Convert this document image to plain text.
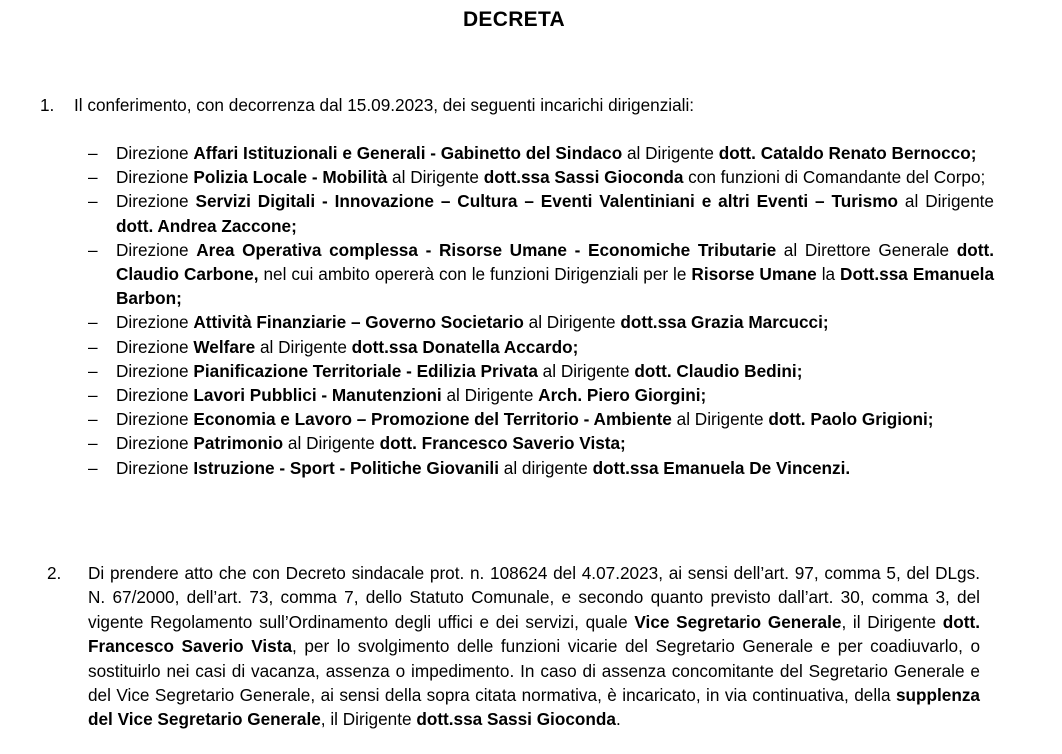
DECRETA
1. Il conferimento, con decorrenza dal 15.09.2023, dei seguenti incarichi dirigenziali:
– Direzione Affari Istituzionali e Generali - Gabinetto del Sindaco al Dirigente dott. Cataldo Renato Bernocco;
– Direzione Polizia Locale - Mobilità al Dirigente dott.ssa Sassi Gioconda con funzioni di Comandante del Corpo;
– Direzione Servizi Digitali - Innovazione – Cultura – Eventi Valentiniani e altri Eventi – Turismo al Dirigente dott. Andrea Zaccone;
– Direzione Area Operativa complessa - Risorse Umane - Economiche Tributarie al Direttore Generale dott. Claudio Carbone, nel cui ambito opererà con le funzioni Dirigenziali per le Risorse Umane la Dott.ssa Emanuela Barbon;
– Direzione Attività Finanziarie – Governo Societario al Dirigente dott.ssa Grazia Marcucci;
– Direzione Welfare al Dirigente dott.ssa Donatella Accardo;
– Direzione Pianificazione Territoriale - Edilizia Privata al Dirigente dott. Claudio Bedini;
– Direzione Lavori Pubblici - Manutenzioni al Dirigente Arch. Piero Giorgini;
– Direzione Economia e Lavoro – Promozione del Territorio - Ambiente al Dirigente dott. Paolo Grigioni;
– Direzione Patrimonio al Dirigente dott. Francesco Saverio Vista;
– Direzione Istruzione - Sport - Politiche Giovanili al dirigente dott.ssa Emanuela De Vincenzi.
2. Di prendere atto che con Decreto sindacale prot. n. 108624 del 4.07.2023, ai sensi dell’art. 97, comma 5, del DLgs. N. 67/2000, dell’art. 73, comma 7, dello Statuto Comunale, e secondo quanto previsto dall’art. 30, comma 3, del vigente Regolamento sull’Ordinamento degli uffici e dei servizi, quale Vice Segretario Generale, il Dirigente dott. Francesco Saverio Vista, per lo svolgimento delle funzioni vicarie del Segretario Generale e per coadiuvarlo, o sostituirlo nei casi di vacanza, assenza o impedimento. In caso di assenza concomitante del Segretario Generale e del Vice Segretario Generale, ai sensi della sopra citata normativa, è incaricato, in via continuativa, della supplenza del Vice Segretario Generale, il Dirigente dott.ssa Sassi Gioconda.
